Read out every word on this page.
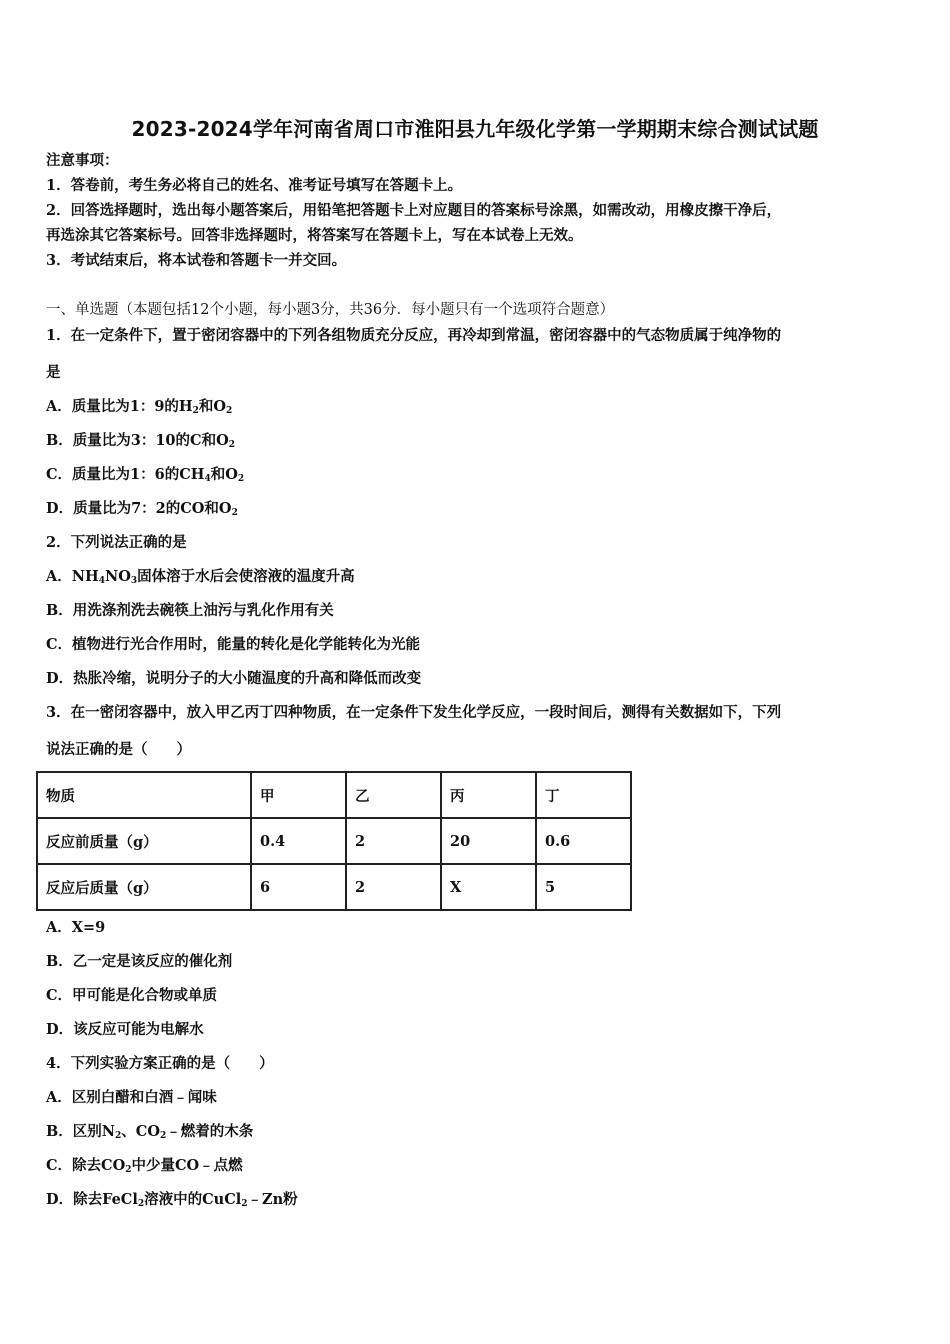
2023-2024学年河南省周口市淮阳县九年级化学第一学期期末综合测试试题
注意事项：
1．答卷前，考生务必将自己的姓名、准考证号填写在答题卡上。
2．回答选择题时，选出每小题答案后，用铅笔把答题卡上对应题目的答案标号涂黑，如需改动，用橡皮擦干净后，
再选涂其它答案标号。回答非选择题时，将答案写在答题卡上，写在本试卷上无效。
3．考试结束后，将本试卷和答题卡一并交回。
一、单选题（本题包括12个小题，每小题3分，共36分．每小题只有一个选项符合题意）
1．在一定条件下，置于密闭容器中的下列各组物质充分反应，再冷却到常温，密闭容器中的气态物质属于纯净物的
是
A．质量比为1：9的$H_2$和$O_2$
B．质量比为3：10的C和$O_2$
C．质量比为1：6的$CH_4$和$O_2$
D．质量比为7：2的CO和$O_2$
2．下列说法正确的是
A．$NH_4NO_3$固体溶于水后会使溶液的温度升高
B．用洗涤剂洗去碗筷上油污与乳化作用有关
C．植物进行光合作用时，能量的转化是化学能转化为光能
D．热胀冷缩，说明分子的大小随温度的升高和降低而改变
3．在一密闭容器中，放入甲乙丙丁四种物质，在一定条件下发生化学反应，一段时间后，测得有关数据如下，下列
说法正确的是（　　）
物质	甲	乙	丙	丁
反应前质量（g）	0.4	2	20	0.6
反应后质量（g）	6	2	X	5
A．X=9
B．乙一定是该反应的催化剂
C．甲可能是化合物或单质
D．该反应可能为电解水
4．下列实验方案正确的是（　　）
A．区别白醋和白酒﹣闻味
B．区别$N_2$、$CO_2﹣$燃着的木条
C．除去$CO_2$中少量CO﹣点燃
D．除去FeCl$_2$溶液中的CuCl$_2$﹣Zn粉
